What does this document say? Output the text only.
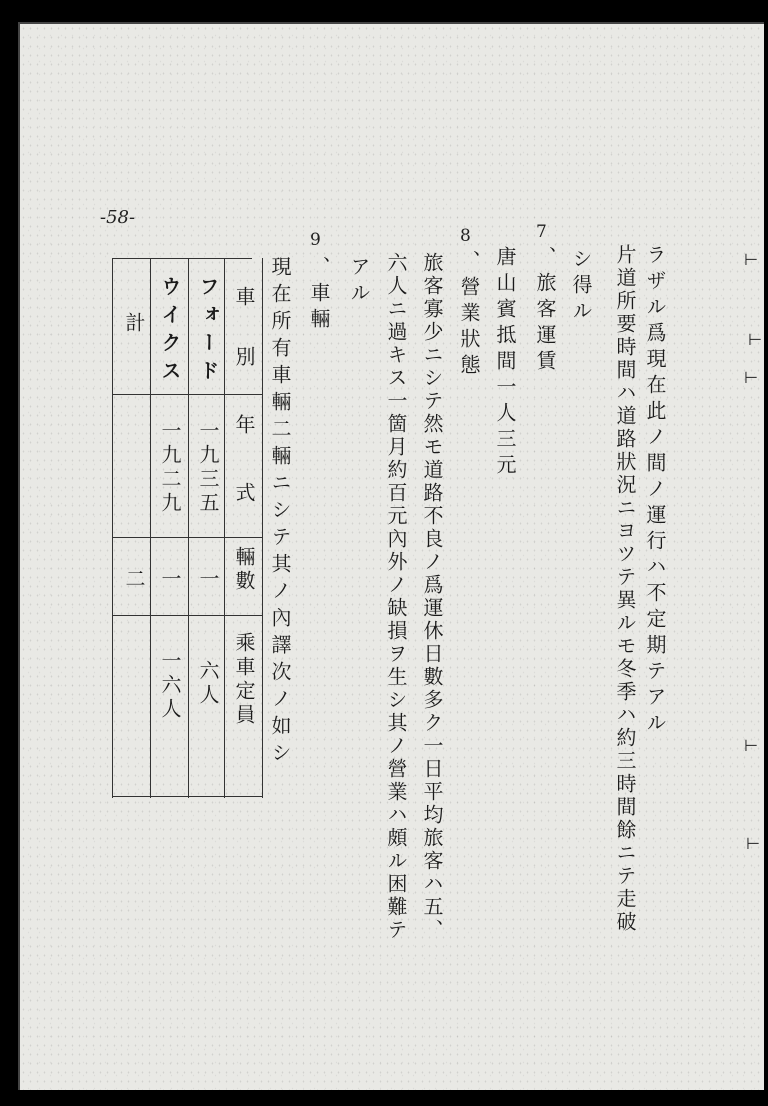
-58-
7
8
9
ラザル爲現在此ノ間ノ運行ハ不定期テアル
片道所要時間ハ道路狀況ニヨツテ異ルモ冬季ハ約三時間餘ニテ走破
シ得ル
、旅客運賃
唐山賓抵間一人三元
、營業狀態
旅客寡少ニシテ然モ道路不良ノ爲運休日數多ク一日平均旅客ハ五、
六人ニ過キス一箇月約百元內外ノ缺損ヲ生シ其ノ營業ハ頗ル困難テ
アル
、車輛
現在所有車輛二輛ニシテ其ノ內譯次ノ如シ
車　別
年　式
輛數
乘車定員
フォード
一九三五
一
六人
ウイクス
一九二九
一
一六人
計
二
⊢
⊢
⊢
⊢
⊢
